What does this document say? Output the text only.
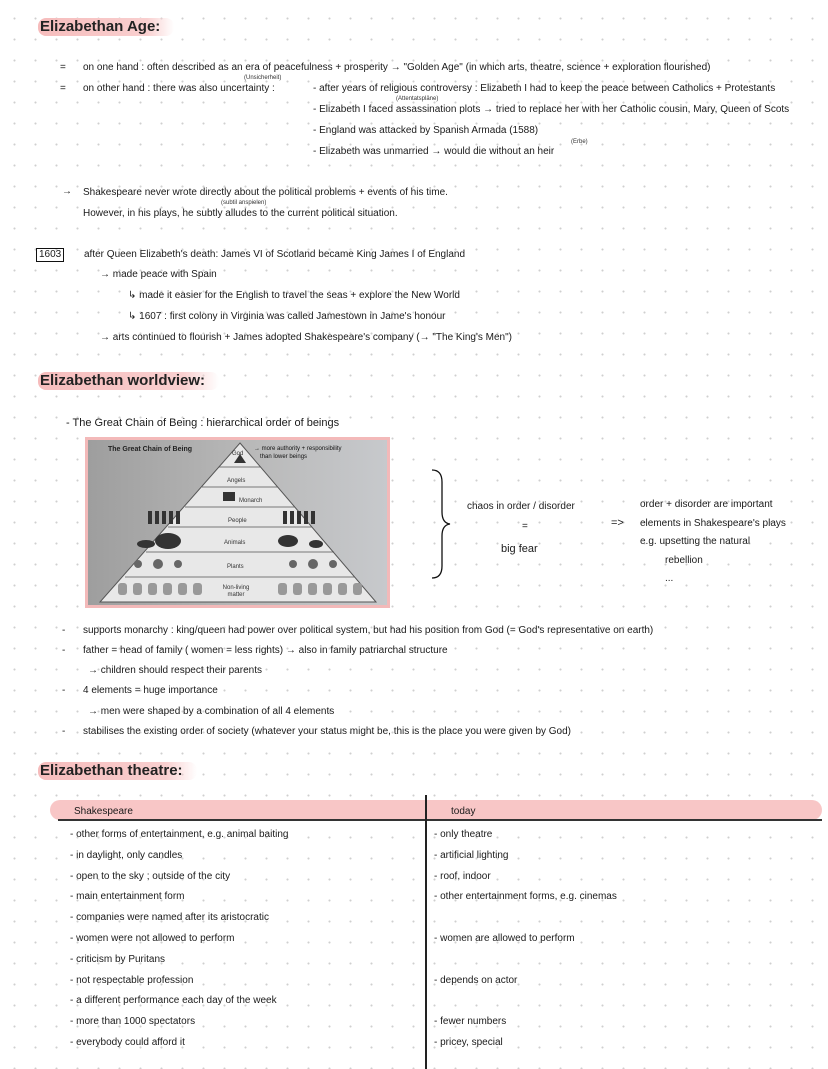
Elizabethan Age:
= on one hand : often described as an era of peacefulness + prosperity → "Golden Age" (in which arts, theatre, science + exploration flourished)
(Unsicherheit)
= on other hand : there was also uncertainty :	- after years of religious controversy : Elizabeth I had to keep the peace between Catholics + Protestants
(Attentatspläne)
- Elizabeth I faced assassination plots → tried to replace her with her Catholic cousin, Mary, Queen of Scots
- England was attacked by Spanish Armada (1588)
(Erbe)
- Elizabeth was unmarried → would die without an heir
→ Shakespeare never wrote directly about the political problems + events of his time.
(subtil anspielen)
However, in his plays, he subtly alludes to the current political situation.
1603	after Queen Elizabeth's death: James VI of Scotland became King James I of England
→ made peace with Spain
↳ made it easier for the English to travel the seas + explore the New World
↳ 1607 : first colony in Virginia was called Jamestown in Jame's honour
→ arts continued to flourish + James adopted Shakespeare's company (→ "The King's Men")
Elizabethan worldview:
- The Great Chain of Being : hierarchical order of beings
The Great Chain of Being
God
Angels
Monarch
People
Animals
Plants
Non-living matter
→ more authority + responsibility
than lower beings
chaos in order / disorder
=
big fear
=>
order + disorder are important
elements in Shakespeare's plays
e.g. upsetting the natural
rebellion
...
- supports monarchy : king/queen had power over political system, but had his position from God (= God's representative on earth)
- father = head of family ( women = less rights) → also in family patriarchal structure
→ children should respect their parents
- 4 elements = huge importance
→ men were shaped by a combination of all 4 elements
- stabilises the existing order of society (whatever your status might be, this is the place you were given by God)
Elizabethan theatre:
Shakespeare	today
- other forms of entertainment, e.g. animal baiting	- only theatre
- in daylight, only candles	- artificial lighting
- open to the sky ; outside of the city	- roof, indoor
- main entertainment form	- other entertainment forms, e.g. cinemas
- companies were named after its aristocratic
- women were not allowed to perform	- women are allowed to perform
- criticism by Puritans
- not respectable profession	- depends on actor
- a different performance each day of the week
- more than 1000 spectators	- fewer numbers
- everybody could afford it	- pricey, special
